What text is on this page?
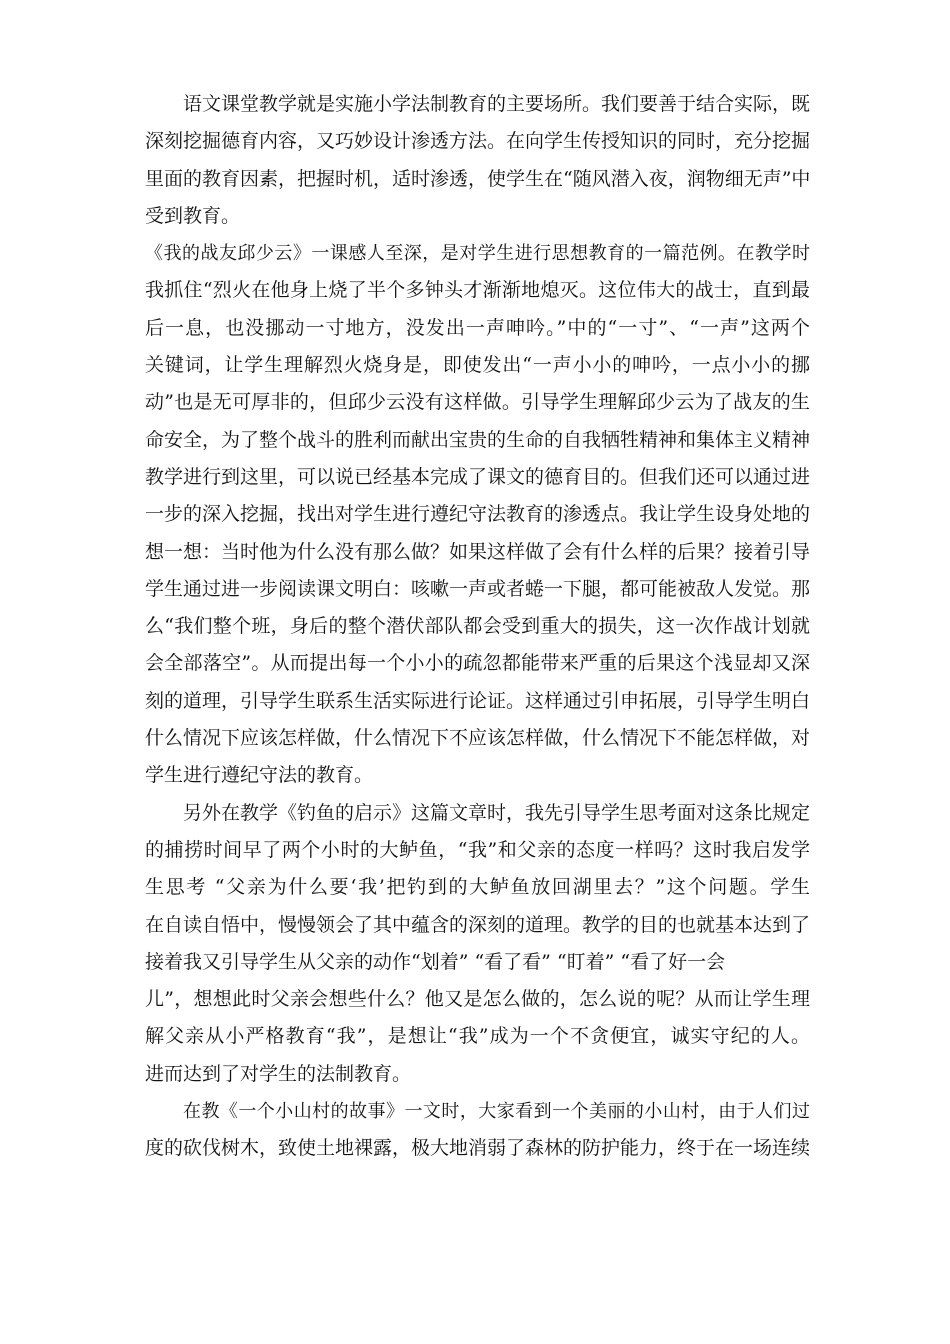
语文课堂教学就是实施小学法制教育的主要场所。我们要善于结合实际，既
深刻挖掘德育内容，又巧妙设计渗透方法。在向学生传授知识的同时，充分挖掘
里面的教育因素，把握时机，适时渗透，使学生在“随风潜入夜，润物细无声”中
受到教育。
《我的战友邱少云》一课感人至深，是对学生进行思想教育的一篇范例。在教学时
我抓住“烈火在他身上烧了半个多钟头才渐渐地熄灭。这位伟大的战士，直到最
后一息，也没挪动一寸地方，没发出一声呻吟。”中的“一寸”、“一声”这两个
关键词，让学生理解烈火烧身是，即使发出“一声小小的呻吟，一点小小的挪
动”也是无可厚非的，但邱少云没有这样做。引导学生理解邱少云为了战友的生
命安全，为了整个战斗的胜利而献出宝贵的生命的自我牺牲精神和集体主义精神
教学进行到这里，可以说已经基本完成了课文的德育目的。但我们还可以通过进
一步的深入挖掘，找出对学生进行遵纪守法教育的渗透点。我让学生设身处地的
想一想：当时他为什么没有那么做？如果这样做了会有什么样的后果？接着引导
学生通过进一步阅读课文明白：咳嗽一声或者蜷一下腿，都可能被敌人发觉。那
么“我们整个班，身后的整个潜伏部队都会受到重大的损失，这一次作战计划就
会全部落空”。从而提出每一个小小的疏忽都能带来严重的后果这个浅显却又深
刻的道理，引导学生联系生活实际进行论证。这样通过引申拓展，引导学生明白
什么情况下应该怎样做，什么情况下不应该怎样做，什么情况下不能怎样做，对
学生进行遵纪守法的教育。
另外在教学《钓鱼的启示》这篇文章时，我先引导学生思考面对这条比规定
的捕捞时间早了两个小时的大鲈鱼，“我”和父亲的态度一样吗？这时我启发学
生思考 “父亲为什么要‘我’把钓到的大鲈鱼放回湖里去？”这个问题。学生
在自读自悟中，慢慢领会了其中蕴含的深刻的道理。教学的目的也就基本达到了
接着我又引导学生从父亲的动作“划着” “看了看” “盯着” “看了好一会
儿”，想想此时父亲会想些什么？他又是怎么做的，怎么说的呢？从而让学生理
解父亲从小严格教育“我”，是想让“我”成为一个不贪便宜，诚实守纪的人。
进而达到了对学生的法制教育。
在教《一个小山村的故事》一文时，大家看到一个美丽的小山村，由于人们过
度的砍伐树木，致使土地裸露，极大地消弱了森林的防护能力，终于在一场连续
